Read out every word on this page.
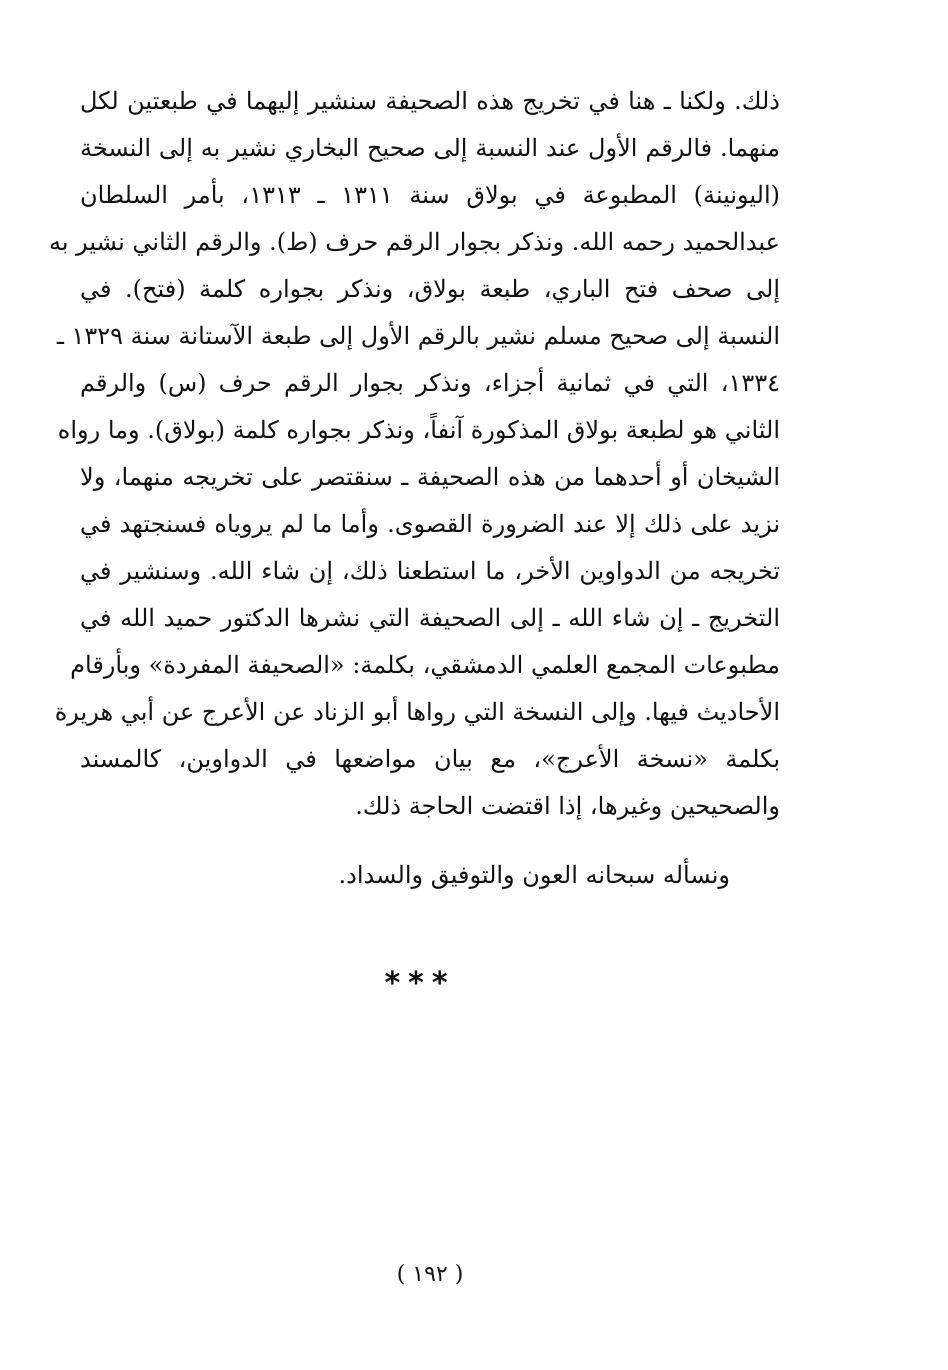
ذلك. ولكنا ـ هنا في تخريج هذه الصحيفة سنشير إليهما في طبعتين لكل
منهما. فالرقم الأول عند النسبة إلى صحيح البخاري نشير به إلى النسخة
(اليونينة) المطبوعة في بولاق سنة ١٣١١ ـ ١٣١٣، بأمر السلطان
عبدالحميد رحمه الله. ونذكر بجوار الرقم حرف (ط). والرقم الثاني نشير به
إلى صحف فتح الباري، طبعة بولاق، ونذكر بجواره كلمة (فتح). في
النسبة إلى صحيح مسلم نشير بالرقم الأول إلى طبعة الآستانة سنة ١٣٢٩ ـ
١٣٣٤، التي في ثمانية أجزاء، ونذكر بجوار الرقم حرف (س) والرقم
الثاني هو لطبعة بولاق المذكورة آنفاً، ونذكر بجواره كلمة (بولاق). وما رواه
الشيخان أو أحدهما من هذه الصحيفة ـ سنقتصر على تخريجه منهما، ولا
نزيد على ذلك إلا عند الضرورة القصوى. وأما ما لم يروياه فسنجتهد في
تخريجه من الدواوين الأخر، ما استطعنا ذلك، إن شاء الله. وسنشير في
التخريج ـ إن شاء الله ـ إلى الصحيفة التي نشرها الدكتور حميد الله في
مطبوعات المجمع العلمي الدمشقي، بكلمة: «الصحيفة المفردة» وبأرقام
الأحاديث فيها. وإلى النسخة التي رواها أبو الزناد عن الأعرج عن أبي هريرة
بكلمة «نسخة الأعرج»، مع بيان مواضعها في الدواوين، كالمسند
والصحيحين وغيرها، إذا اقتضت الحاجة ذلك.
ونسأله سبحانه العون والتوفيق والسداد.
***
( ١٩٢ )
